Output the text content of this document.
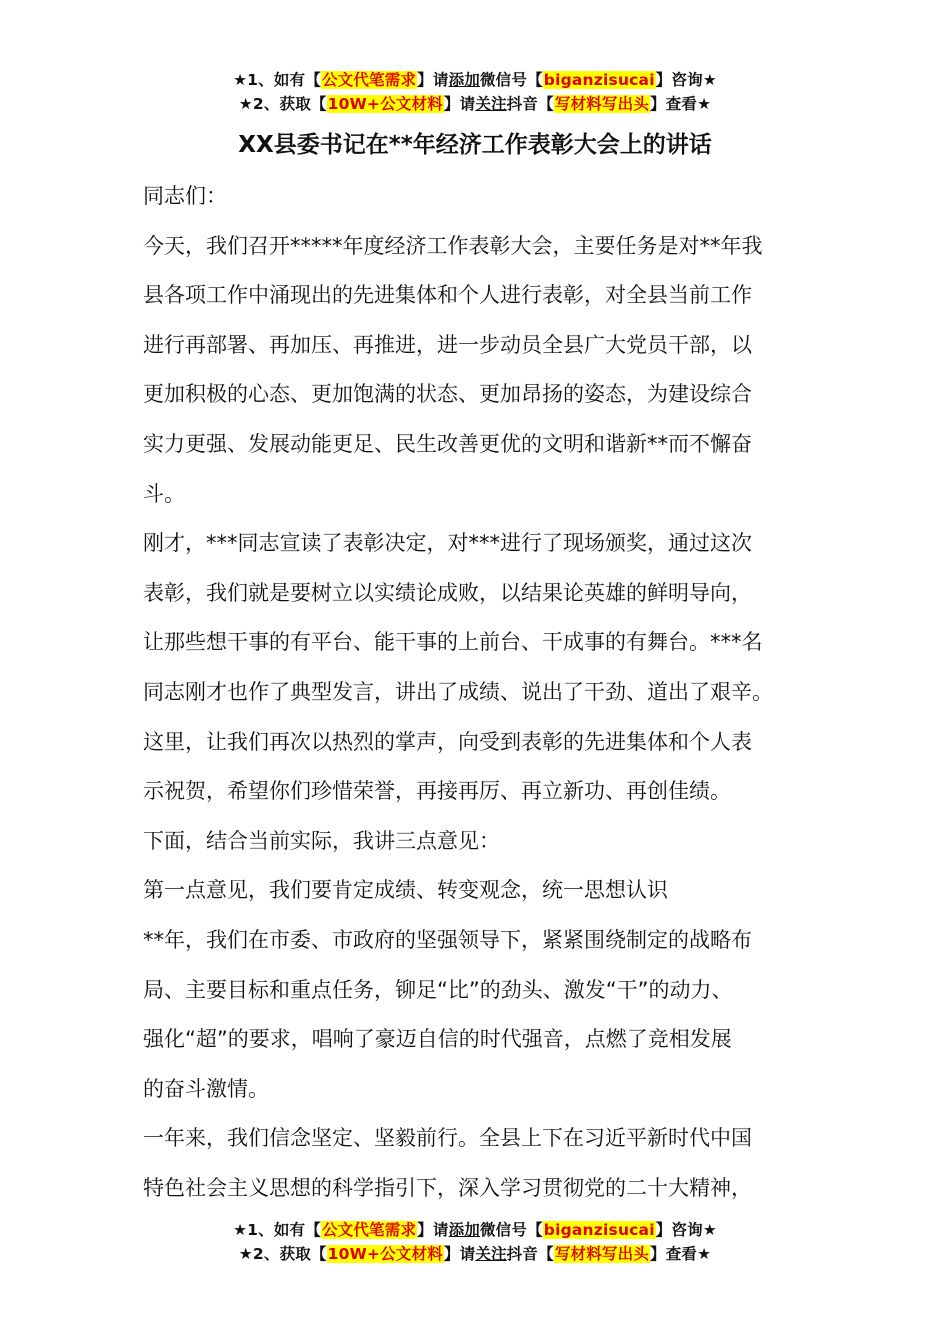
★1、如有【公文代笔需求】请添加微信号【biganzisucai】咨询★
★2、获取【10W+公文材料】请关注抖音【写材料写出头】查看★
XX县委书记在**年经济工作表彰大会上的讲话

同志们：

今天，我们召开*****年度经济工作表彰大会，主要任务是对**年我

县各项工作中涌现出的先进集体和个人进行表彰，对全县当前工作

进行再部署、再加压、再推进，进一步动员全县广大党员干部，以

更加积极的心态、更加饱满的状态、更加昂扬的姿态，为建设综合

实力更强、发展动能更足、民生改善更优的文明和谐新**而不懈奋

斗。

刚才，***同志宣读了表彰决定，对***进行了现场颁奖，通过这次

表彰，我们就是要树立以实绩论成败，以结果论英雄的鲜明导向，

让那些想干事的有平台、能干事的上前台、干成事的有舞台。***名

同志刚才也作了典型发言，讲出了成绩、说出了干劲、道出了艰辛。

这里，让我们再次以热烈的掌声，向受到表彰的先进集体和个人表

示祝贺，希望你们珍惜荣誉，再接再厉、再立新功、再创佳绩。

下面，结合当前实际，我讲三点意见：

第一点意见，我们要肯定成绩、转变观念，统一思想认识

**年，我们在市委、市政府的坚强领导下，紧紧围绕制定的战略布

局、主要目标和重点任务，铆足“比”的劲头、激发“干”的动力、

强化“超”的要求，唱响了豪迈自信的时代强音，点燃了竞相发展

的奋斗激情。

一年来，我们信念坚定、坚毅前行。全县上下在习近平新时代中国

特色社会主义思想的科学指引下，深入学习贯彻党的二十大精神，

★1、如有【公文代笔需求】请添加微信号【biganzisucai】咨询★
★2、获取【10W+公文材料】请关注抖音【写材料写出头】查看★
